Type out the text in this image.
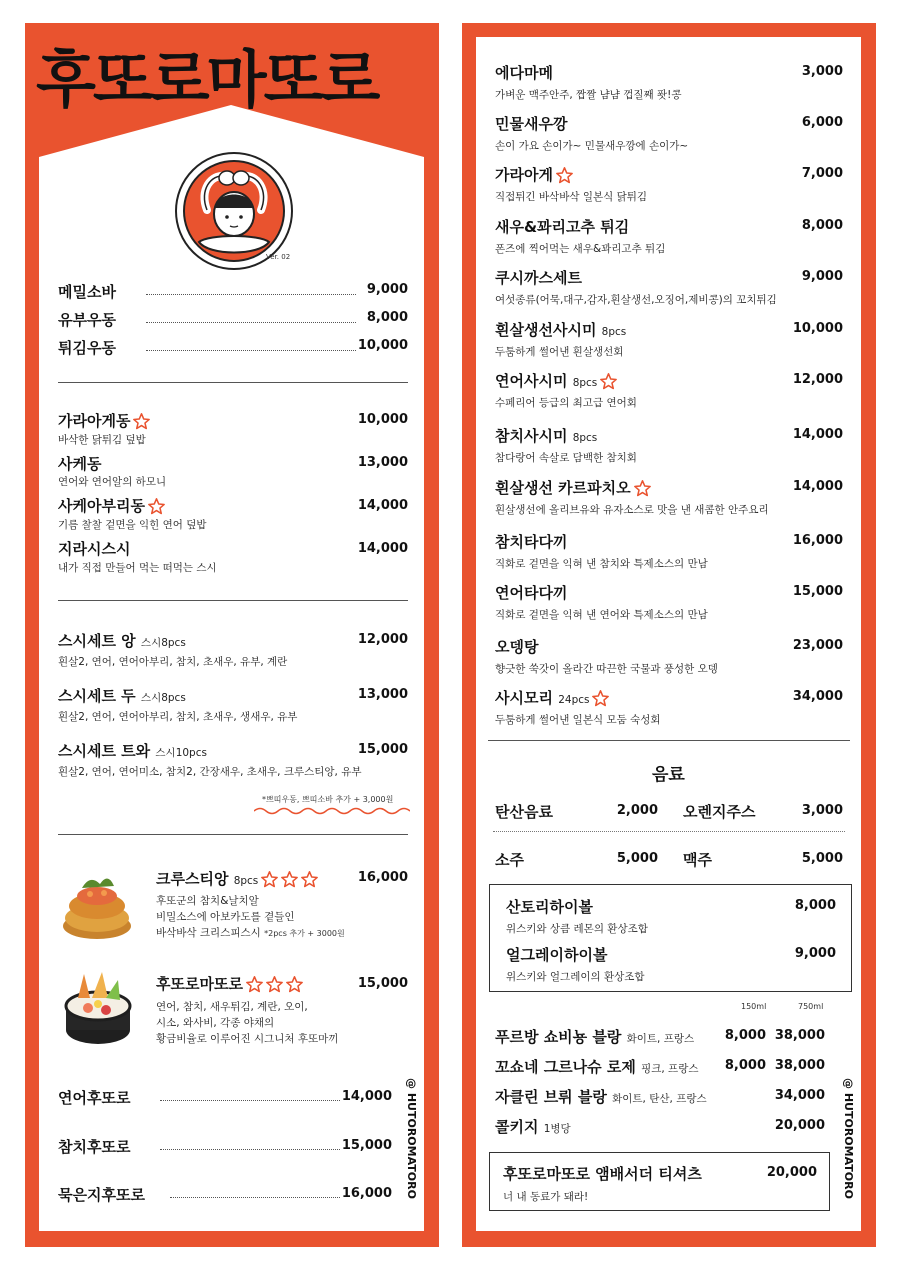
후또로마또로
Ver. 02
메밀소바	9,000
유부우동	8,000
튀김우동	10,000
가라아게동	10,000
바삭한 닭튀김 덮밥
사케동	13,000
연어와 연어알의 하모니
사케아부리동	14,000
기름 찰찰 겉면을 익힌 연어 덮밥
지라시스시	14,000
내가 직접 만들어 먹는 떠먹는 스시
스시세트 앙 스시8pcs	12,000
흰살2, 연어, 연어아부리, 참치, 초새우, 유부, 계란
스시세트 두 스시8pcs	13,000
흰살2, 연어, 연어아부리, 참치, 초새우, 생새우, 유부
스시세트 트와 스시10pcs	15,000
흰살2, 연어, 연어미소, 참치2, 간장새우, 초새우, 크루스티앙, 유부
*쁘띠우동, 쁘띠소바 추가 + 3,000원
크루스티앙 8pcs	16,000
후또군의 참치&날치알
비밀소스에 아보카도를 곁들인
바삭바삭 크리스피스시 *2pcs 추가 + 3000원
후또로마또로	15,000
연어, 참치, 새우튀김, 계란, 오이,
시소, 와사비, 각종 야채의
황금비율로 이루어진 시그니처 후또마끼
연어후또로	14,000
참치후또로	15,000
묵은지후또로	16,000 @ HUTOROMATORO
에다마메	3,000
가벼운 맥주안주, 짭짤 냠냠 껍질째 퐛!콩
민물새우깡	6,000
손이 가요 손이가~ 민물새우깡에 손이가~
가라아게	7,000
직접튀긴 바삭바삭 일본식 닭튀김
새우&꽈리고추 튀김	8,000
폰즈에 찍어먹는 새우&꽈리고추 튀김
쿠시까스세트	9,000
여섯종류(어묵,대구,감자,흰살생선,오징어,제비콩)의 꼬치튀김
흰살생선사시미 8pcs	10,000
두툼하게 썰어낸 흰살생선회
연어사시미 8pcs	12,000
수페리어 등급의 최고급 연어회
참치사시미 8pcs	14,000
참다랑어 속살로 담백한 참치회
흰살생선 카르파치오	14,000
흰살생선에 올리브유와 유자소스로 맛을 낸 새콤한 안주요리
참치타다끼	16,000
직화로 겉면을 익혀 낸 참치와 특제소스의 만남
연어타다끼	15,000
직화로 겉면을 익혀 낸 연어와 특제소스의 만남
오뎅탕	23,000
향긋한 쑥갓이 올라간 따끈한 국물과 풍성한 오뎅
사시모리 24pcs	34,000
두툼하게 썰어낸 일본식 모둠 숙성회
음료
탄산음료	2,000 오렌지주스	3,000
소주	5,000 맥주	5,000
산토리하이볼	8,000
위스키와 상큼 레몬의 환상조합
얼그레이하이볼	9,000
위스키와 얼그레이의 환상조합
150ml	750ml
푸르방 쇼비뇽 블랑 화이트, 프랑스	8,000 38,000
꼬쇼네 그르나슈 로제 핑크, 프랑스	8,000 38,000
자클린 브뤼 블랑 화이트, 탄산, 프랑스	34,000
콜키지 1병당	20,000
후또로마또로 앰배서더 티셔츠	20,000
너 내 동료가 돼라!	@ HUTOROMATORO
